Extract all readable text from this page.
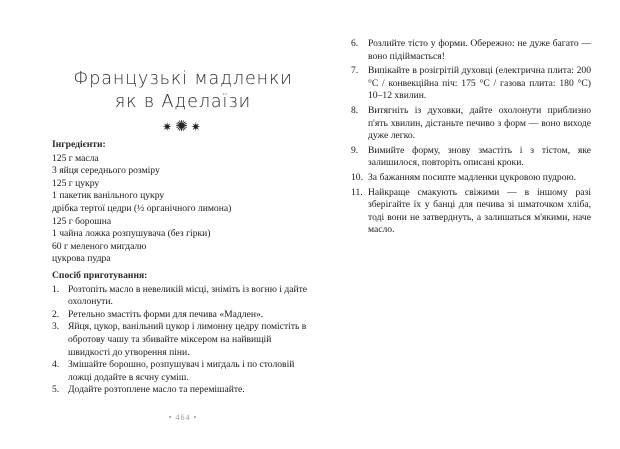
Французькі мадленки
як в Аделаїзи
✷✺✷
Інгредієнти:
125 г масла
3 яйця середнього розміру
125 г цукру
1 пакетик ванільного цукру
дрібка тертої цедри (½ органічного лимона)
125 г борошна
1 чайна ложка розпушувача (без гірки)
60 г меленого мигдалю
цукрова пудра
Спосіб приготування:
1. Розтопіть масло в невеликій місці, зніміть із вогню і дайте охолонути.
2. Ретельно змастіть форми для печива «Мадлен».
3. Яйця, цукор, ванільний цукор і лимонну цедру помістіть в обротову чашу та збивайте міксером на найвищій швидкості до утворення піни.
4. Змішайте борошно, розпушувач і мигдаль і по столовій ложці додайте в яєчну суміш.
5. Додайте розтоплене масло та перемішайте.
• 464 •
6. Розлийте тісто у форми. Обережно: не дуже багато — воно підіймається!
7. Випікайте в розігрітій духовці (електрична плита: 200 °C / конвекційна піч: 175 °C / газова плита: 180 °C) 10–12 хвилин.
8. Витягніть із духовки, дайте охолонути приблизно п'ять хвилин, дістаньте печиво з форм — воно виходе дуже легко.
9. Вимийте форму, знову змастіть і з тістом, яке залишилося, повторіть описані кроки.
10. За бажанням посипте мадленки цукровою пудрою.
11. Найкраще смакують свіжими — в іншому разі зберігайте їх у банці для печива зі шматочком хліба, тоді вони не затверднуть, а залишаться м'якими, наче масло.
